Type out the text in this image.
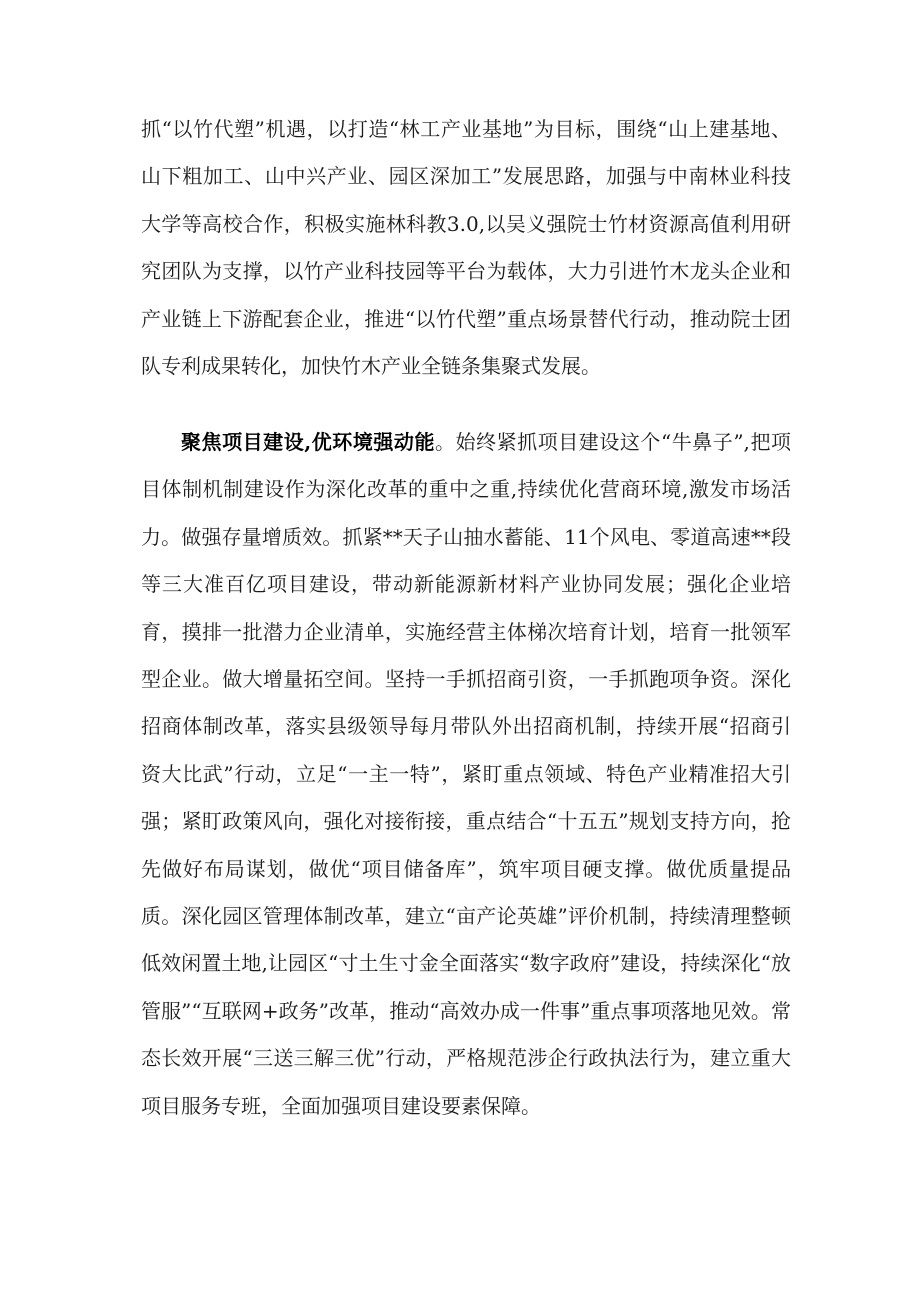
抓“以竹代塑”机遇，以打造“林工产业基地”为目标，围绕“山上建基地、山下粗加工、山中兴产业、园区深加工”发展思路，加强与中南林业科技大学等高校合作，积极实施林科教3.0,以吴义强院士竹材资源高值利用研究团队为支撑，以竹产业科技园等平台为载体，大力引进竹木龙头企业和产业链上下游配套企业，推进“以竹代塑”重点场景替代行动，推动院士团队专利成果转化，加快竹木产业全链条集聚式发展。

聚焦项目建设,优环境强动能。始终紧抓项目建设这个“牛鼻子”,把项目体制机制建设作为深化改革的重中之重,持续优化营商环境,激发市场活力。做强存量增质效。抓紧**天子山抽水蓄能、11个风电、零道高速**段等三大准百亿项目建设，带动新能源新材料产业协同发展；强化企业培育，摸排一批潜力企业清单，实施经营主体梯次培育计划，培育一批领军型企业。做大增量拓空间。坚持一手抓招商引资，一手抓跑项争资。深化招商体制改革，落实县级领导每月带队外出招商机制，持续开展“招商引资大比武”行动，立足“一主一特”，紧盯重点领域、特色产业精准招大引强；紧盯政策风向，强化对接衔接，重点结合“十五五”规划支持方向，抢先做好布局谋划，做优“项目储备库”，筑牢项目硬支撑。做优质量提品质。深化园区管理体制改革，建立“亩产论英雄”评价机制，持续清理整顿低效闲置土地,让园区“寸土生寸金全面落实“数字政府”建设，持续深化“放管服”“互联网+政务”改革，推动“高效办成一件事”重点事项落地见效。常态长效开展“三送三解三优”行动，严格规范涉企行政执法行为，建立重大项目服务专班，全面加强项目建设要素保障。
